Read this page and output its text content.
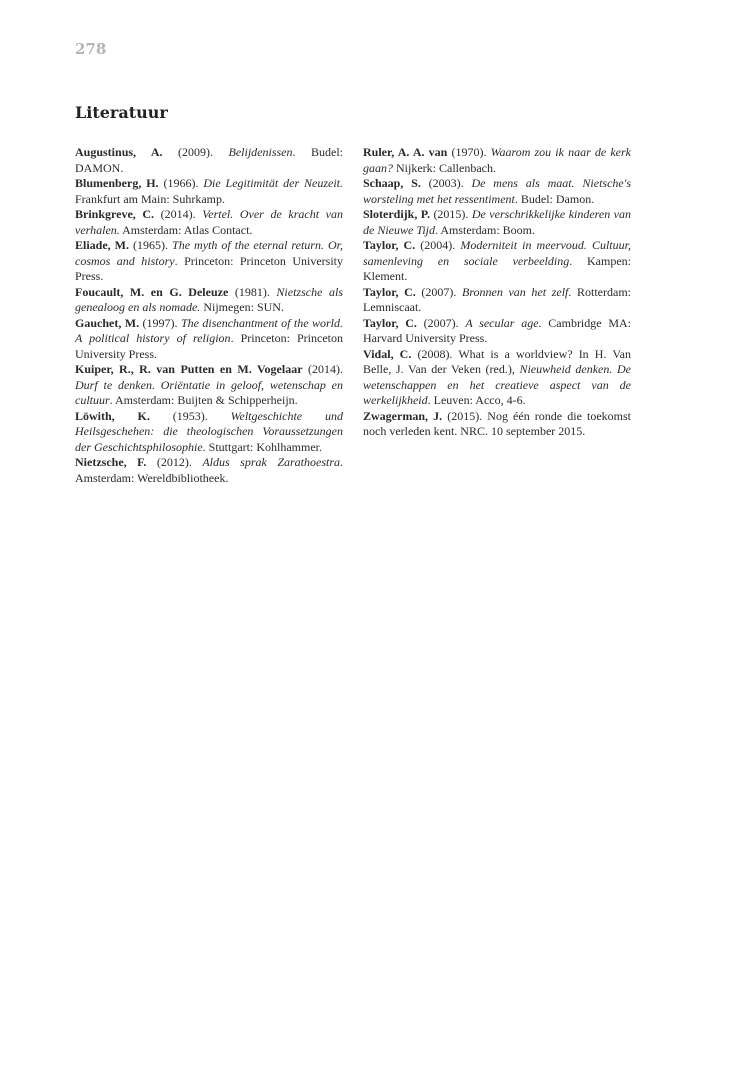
278
Literatuur

Augustinus, A. (2009). Belijdenissen. Budel: DAMON.

Blumenberg, H. (1966). Die Legitimität der Neuzeit. Frankfurt am Main: Suhrkamp.

Brinkgreve, C. (2014). Vertel. Over de kracht van verhalen. Amsterdam: Atlas Contact.

Eliade, M. (1965). The myth of the eternal return. Or, cosmos and history. Princeton: Princeton University Press.

Foucault, M. en G. Deleuze (1981). Nietzsche als genealoog en als nomade. Nijmegen: SUN.

Gauchet, M. (1997). The disenchantment of the world. A political history of religion. Princeton: Princeton University Press.

Kuiper, R., R. van Putten en M. Vogelaar (2014). Durf te denken. Oriëntatie in geloof, wetenschap en cultuur. Amsterdam: Buijten & Schipperheijn.

Löwith, K. (1953). Weltgeschichte und Heilsgeschehen: die theologischen Voraussetzungen der Geschichtsphilosophie. Stuttgart: Kohlhammer.

Nietzsche, F. (2012). Aldus sprak Zarathoestra. Amsterdam: Wereldbibliotheek.

Ruler, A. A. van (1970). Waarom zou ik naar de kerk gaan? Nijkerk: Callenbach.

Schaap, S. (2003). De mens als maat. Nietsche's worsteling met het ressentiment. Budel: Damon.

Sloterdijk, P. (2015). De verschrikkelijke kinderen van de Nieuwe Tijd. Amsterdam: Boom.

Taylor, C. (2004). Moderniteit in meervoud. Cultuur, samenleving en sociale verbeelding. Kampen: Klement.

Taylor, C. (2007). Bronnen van het zelf. Rotterdam: Lemniscaat.

Taylor, C. (2007). A secular age. Cambridge MA: Harvard University Press.

Vidal, C. (2008). What is a worldview? In H. Van Belle, J. Van der Veken (red.), Nieuwheid denken. De wetenschappen en het creatieve aspect van de werkelijkheid. Leuven: Acco, 4-6.

Zwagerman, J. (2015). Nog één ronde die toekomst noch verleden kent. NRC. 10 september 2015.
